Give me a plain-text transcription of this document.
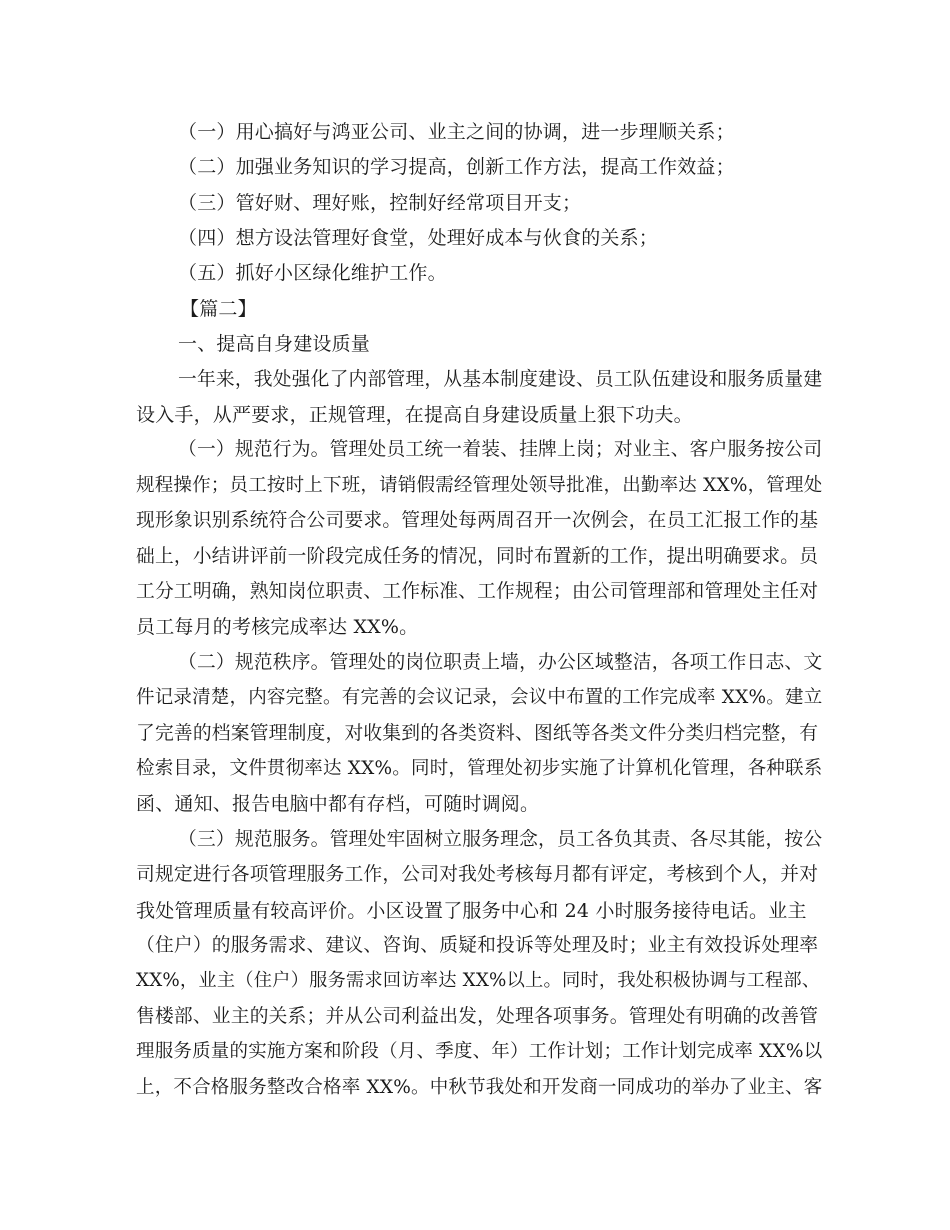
（一）用心搞好与鸿亚公司、业主之间的协调，进一步理顺关系；
（二）加强业务知识的学习提高，创新工作方法，提高工作效益；
（三）管好财、理好账，控制好经常项目开支；
（四）想方设法管理好食堂，处理好成本与伙食的关系；
（五）抓好小区绿化维护工作。
【篇二】
一、提高自身建设质量
一年来，我处强化了内部管理，从基本制度建设、员工队伍建设和服务质量建
设入手，从严要求，正规管理，在提高自身建设质量上狠下功夫。
（一）规范行为。管理处员工统一着装、挂牌上岗；对业主、客户服务按公司
规程操作；员工按时上下班，请销假需经管理处领导批准，出勤率达 XX%，管理处
现形象识别系统符合公司要求。管理处每两周召开一次例会，在员工汇报工作的基
础上，小结讲评前一阶段完成任务的情况，同时布置新的工作，提出明确要求。员
工分工明确，熟知岗位职责、工作标准、工作规程；由公司管理部和管理处主任对
员工每月的考核完成率达 XX%。
（二）规范秩序。管理处的岗位职责上墙，办公区域整洁，各项工作日志、文
件记录清楚，内容完整。有完善的会议记录，会议中布置的工作完成率 XX%。建立
了完善的档案管理制度，对收集到的各类资料、图纸等各类文件分类归档完整，有
检索目录，文件贯彻率达 XX%。同时，管理处初步实施了计算机化管理，各种联系
函、通知、报告电脑中都有存档，可随时调阅。
（三）规范服务。管理处牢固树立服务理念，员工各负其责、各尽其能，按公
司规定进行各项管理服务工作，公司对我处考核每月都有评定，考核到个人，并对
我处管理质量有较高评价。小区设置了服务中心和 24 小时服务接待电话。业主
（住户）的服务需求、建议、咨询、质疑和投诉等处理及时；业主有效投诉处理率
XX%，业主（住户）服务需求回访率达 XX%以上。同时，我处积极协调与工程部、
售楼部、业主的关系；并从公司利益出发，处理各项事务。管理处有明确的改善管
理服务质量的实施方案和阶段（月、季度、年）工作计划；工作计划完成率 XX%以
上，不合格服务整改合格率 XX%。中秋节我处和开发商一同成功的举办了业主、客
